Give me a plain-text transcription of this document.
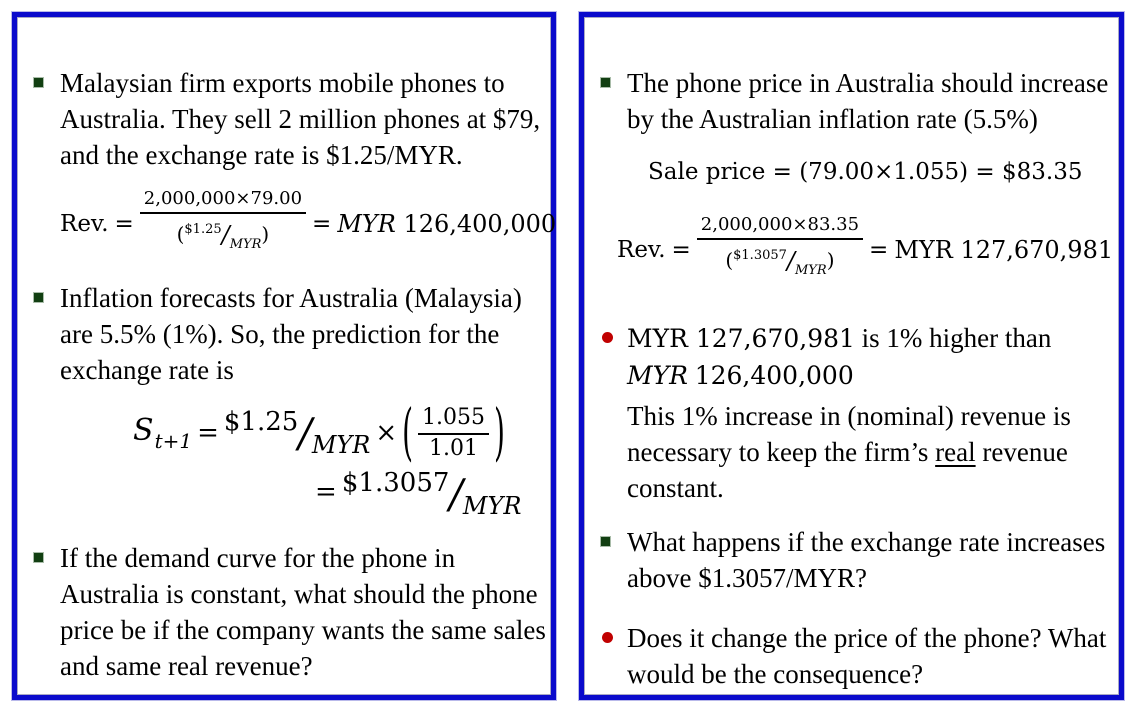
Malaysian firm exports mobile phones to Australia. They sell 2 million phones at $79, and the exchange rate is $1.25/MYR.
Rev. =
2,000,000×79.00
$(^{\$1.25}/_{MYR})$	= MYR 126,400,000
Inflation forecasts for Australia (Malaysia) are 5.5% (1%). So, the prediction for the exchange rate is
St+1 = $1.25/MYR × ( $\frac{1.055}{1.01}$ )
= $1.3057/MYR
If the demand curve for the phone in Australia is constant, what should the phone price be if the company wants the same sales and same real revenue?
The phone price in Australia should increase by the Australian inflation rate (5.5%)
Sale price = (79.00×1.055) = $83.35
Rev. =
2,000,000×83.35
$(^{\$1.3057}/_{MYR})$	= MYR 127,670,981
MYR 127,670,981 is 1% higher than
MYR 126,400,000
This 1% increase in (nominal) revenue is necessary to keep the firm’s real revenue constant.
What happens if the exchange rate increases above $1.3057/MYR?
Does it change the price of the phone? What would be the consequence?
